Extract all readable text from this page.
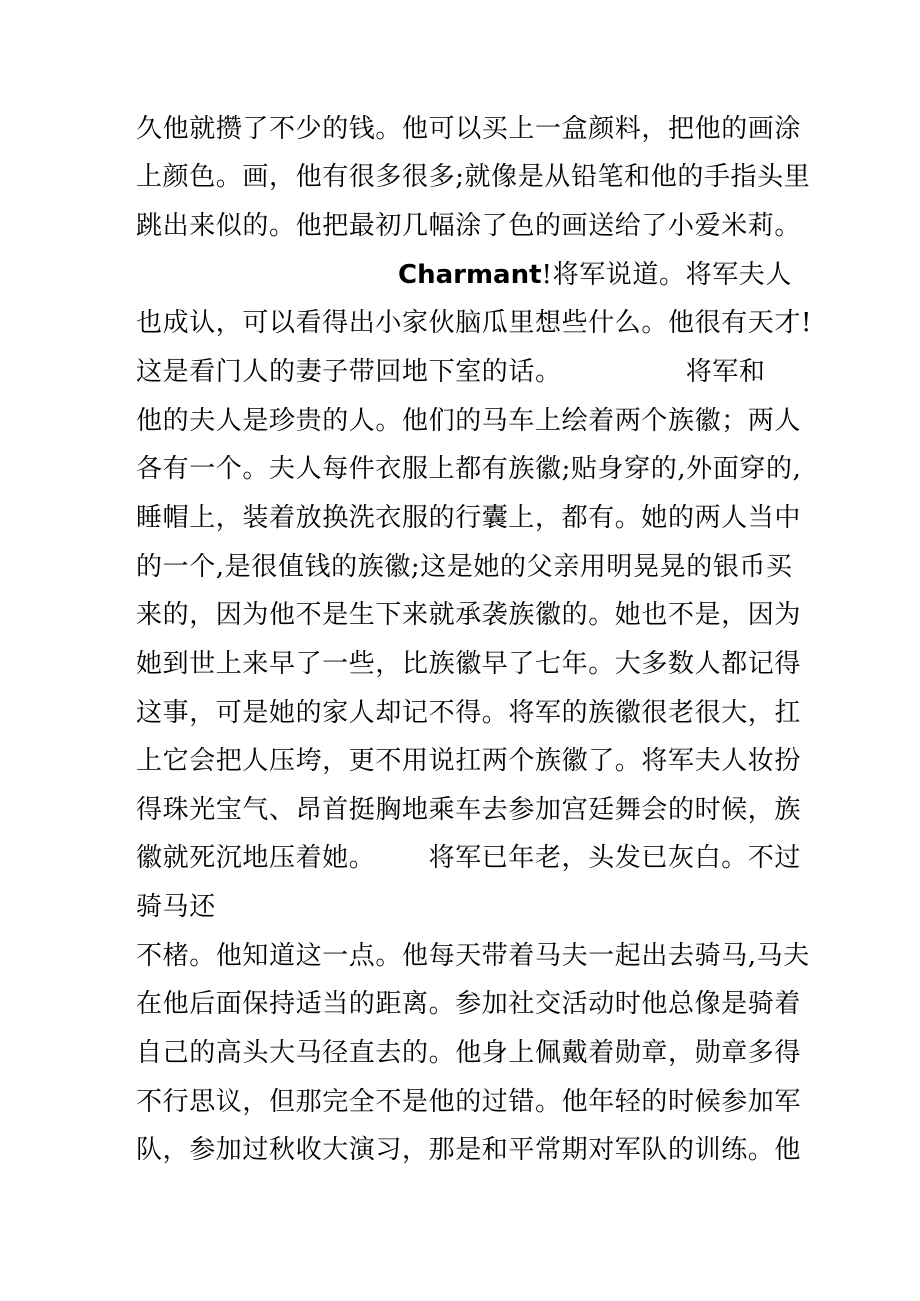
久他就攒了不少的钱。他可以买上一盒颜料，把他的画涂
上颜色。画，他有很多很多;就像是从铅笔和他的手指头里
跳出来似的。他把最初几幅涂了色的画送给了小爱米莉。
Charmant!将军说道。将军夫人
也成认，可以看得出小家伙脑瓜里想些什么。他很有天才!
这是看门人的妻子带回地下室的话。              将军和
他的夫人是珍贵的人。他们的马车上绘着两个族徽；两人
各有一个。夫人每件衣服上都有族徽;贴身穿的,外面穿的,
睡帽上，装着放换洗衣服的行囊上，都有。她的两人当中
的一个,是很值钱的族徽;这是她的父亲用明晃晃的银币买
来的，因为他不是生下来就承袭族徽的。她也不是，因为
她到世上来早了一些，比族徽早了七年。大多数人都记得
这事，可是她的家人却记不得。将军的族徽很老很大，扛
上它会把人压垮，更不用说扛两个族徽了。将军夫人妆扮
得珠光宝气、昂首挺胸地乘车去参加宫廷舞会的时候，族
徽就死沉地压着她。      将军已年老，头发已灰白。不过
骑马还
不楮。他知道这一点。他每天带着马夫一起出去骑马,马夫
在他后面保持适当的距离。参加社交活动时他总像是骑着
自己的高头大马径直去的。他身上佩戴着勋章，勋章多得
不行思议，但那完全不是他的过错。他年轻的时候参加军
队，参加过秋收大演习，那是和平常期对军队的训练。他
